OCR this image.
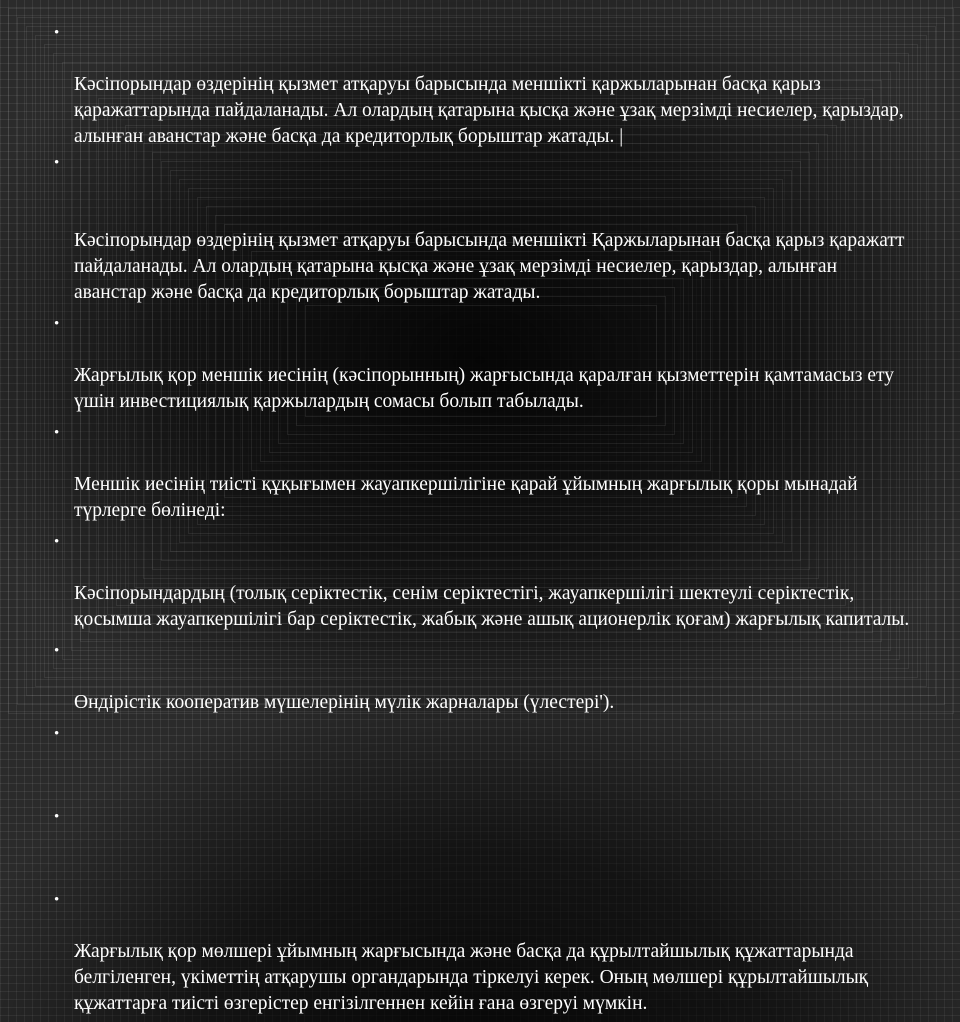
•

Кәсіпорындар өздерінің қызмет атқаруы барысында меншікті қаржыларынан басқа қарыз қаражаттарында пайдаланады. Ал олардың қатарына қысқа және ұзақ мерзімді несиелер, қарыздар, алынған аванстар және басқа да кредиторлық борыштар жатады. |

•

Кәсіпорындар өздерінің қызмет атқаруы барысында меншікті Қаржыларынан басқа қарыз қаражатт пайдаланады. Ал олардың қатарына қысқа және ұзақ мерзімді несиелер, қарыздар, алынған аванстар және басқа да кредиторлық борыштар жатады.

•

Жарғылық қор меншік иесінің (кәсіпорынның) жарғысында қаралған қызметтерін қамтамасыз ету үшін инвестициялық қаржылардың сомасы болып табылады.

•

Меншік иесінің тиісті құқығымен жауапкершілігіне қарай ұйымның жарғылық қоры мынадай түрлерге бөлінеді:

•

Кәсіпорындардың (толық серіктестік, сенім серіктестігі, жауапкершілігі шектеулі серіктестік, қосымша жауапкершілігі бар серіктестік, жабық және ашық ационерлік қоғам) жарғылық капиталы.

•

Өндірістік кооператив мүшелерінің мүлік жарналары (үлестері').

•

•

•

Жарғылық қор мөлшері ұйымның жарғысында және басқа да құрылтайшылық құжаттарында белгіленген, үкіметтің атқарушы органдарында тіркелуі керек. Оның мөлшері құрылтайшылық құжаттарға тиісті өзгерістер енгізілгеннен кейін ғана өзгеруі мүмкін.
